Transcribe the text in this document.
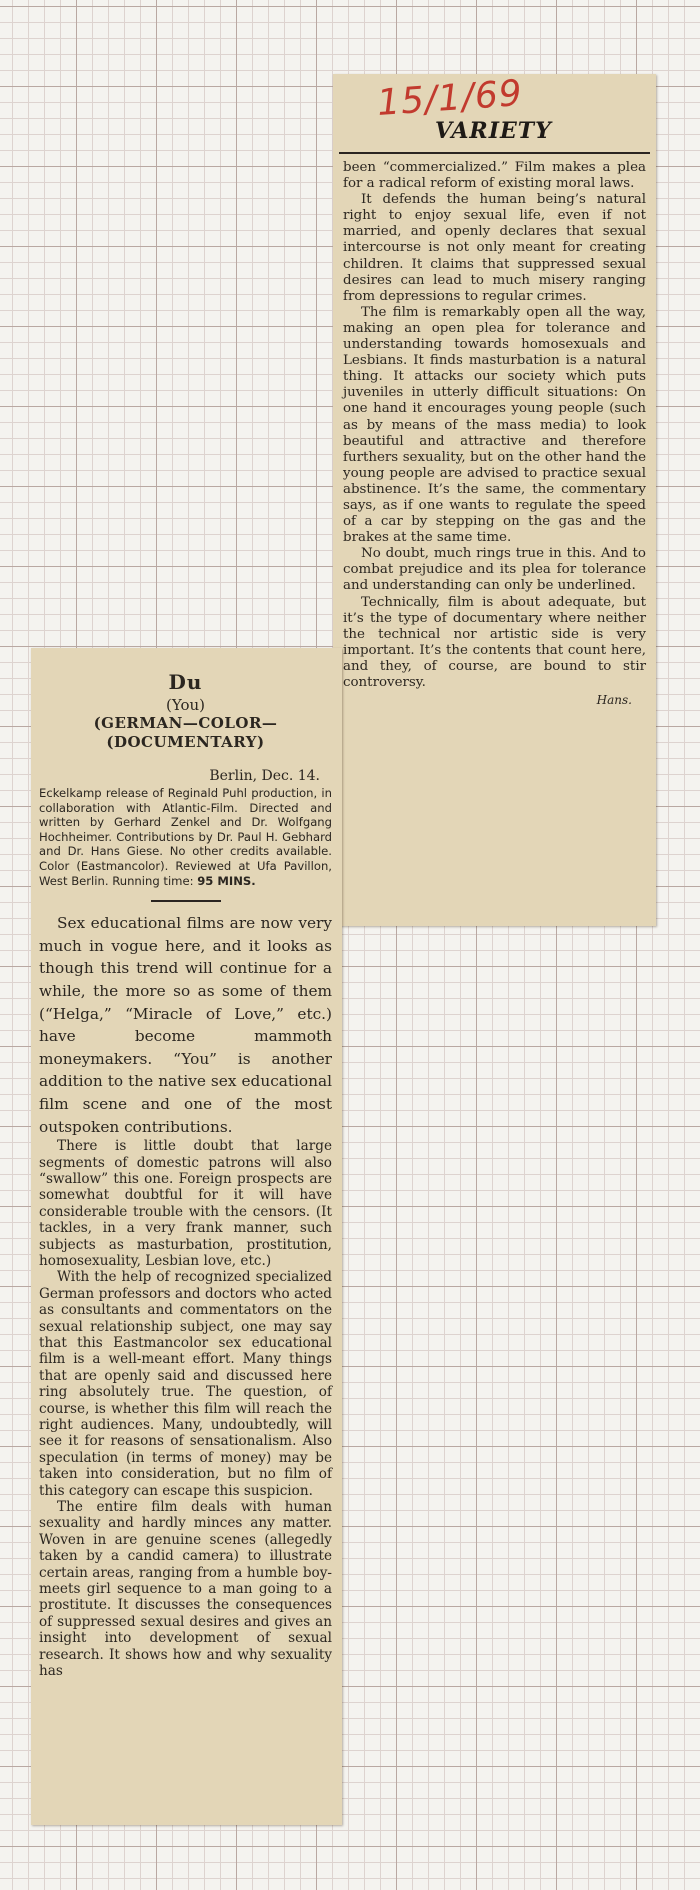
15/1/69
VARIETY

been “commercialized.” Film makes a plea for a radical reform of existing moral laws.

It defends the human being’s natural right to enjoy sexual life, even if not married, and openly declares that sexual intercourse is not only meant for creating children. It claims that suppressed sexual desires can lead to much misery ranging from depressions to regular crimes.

The film is remarkably open all the way, making an open plea for tolerance and understanding towards homosexuals and Lesbians. It finds masturbation is a natural thing. It attacks our society which puts juveniles in utterly difficult situations: On one hand it encourages young people (such as by means of the mass media) to look beautiful and attractive and therefore furthers sexuality, but on the other hand the young people are advised to practice sexual abstinence. It’s the same, the commentary says, as if one wants to regulate the speed of a car by stepping on the gas and the brakes at the same time.

No doubt, much rings true in this. And to combat prejudice and its plea for tolerance and understanding can only be underlined.

Technically, film is about adequate, but it’s the type of documentary where neither the technical nor artistic side is very important. It’s the contents that count here, and they, of course, are bound to stir controversy.

Hans.
Du
(You)
(GERMAN—COLOR—
(DOCUMENTARY)
Berlin, Dec. 14.
Eckelkamp release of Reginald Puhl production, in collaboration with Atlantic-Film. Directed and written by Gerhard Zenkel and Dr. Wolfgang Hochheimer. Contributions by Dr. Paul H. Gebhard and Dr. Hans Giese. No other credits available. Color (Eastmancolor). Reviewed at Ufa Pavillon, West Berlin. Running time: 95 MINS.

Sex educational films are now very much in vogue here, and it looks as though this trend will continue for a while, the more so as some of them (“Helga,” “Miracle of Love,” etc.) have become mammoth moneymakers. “You” is another addition to the native sex educational film scene and one of the most outspoken contributions.

There is little doubt that large segments of domestic patrons will also “swallow” this one. Foreign prospects are somewhat doubtful for it will have considerable trouble with the censors. (It tackles, in a very frank manner, such subjects as masturbation, prostitution, homosexuality, Lesbian love, etc.)

With the help of recognized specialized German professors and doctors who acted as consultants and commentators on the sexual relationship subject, one may say that this Eastmancolor sex educational film is a well-meant effort. Many things that are openly said and discussed here ring absolutely true. The question, of course, is whether this film will reach the right audiences. Many, undoubtedly, will see it for reasons of sensationalism. Also speculation (in terms of money) may be taken into consideration, but no film of this category can escape this suspicion.

The entire film deals with human sexuality and hardly minces any matter. Woven in are genuine scenes (allegedly taken by a candid camera) to illustrate certain areas, ranging from a humble boy-meets girl sequence to a man going to a prostitute. It discusses the consequences of suppressed sexual desires and gives an insight into development of sexual research. It shows how and why sexuality has
